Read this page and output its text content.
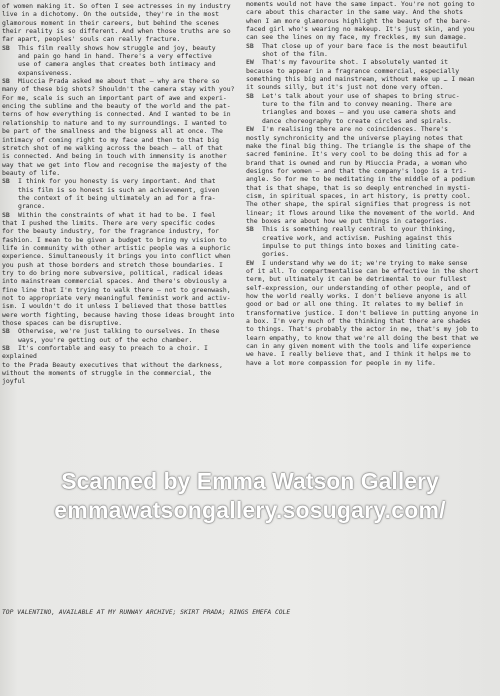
of women making it. So often I see actresses in my industry
live in a dichotomy. On the outside, they're in the most
glamorous moment in their careers, but behind the scenes
their reality is so different. And when those truths are so
far apart, peoples' souls can really fracture.
SB This film really shows how struggle and joy, beauty
and pain go hand in hand. There's a very effective
use of camera angles that creates both intimacy and
expansiveness.
SB Miuccia Prada asked me about that – why are there so
many of these big shots? Shouldn't the camera stay with you?
For me, scale is such an important part of awe and experi-
encing the sublime and the beauty of the world and the pat-
terns of how everything is connected. And I wanted to be in
relationship to nature and to my surroundings. I wanted to
be part of the smallness and the bigness all at once. The
intimacy of coming right to my face and then to that big
stretch shot of me walking across the beach – all of that
is connected. And being in touch with immensity is another
way that we get into flow and recognise the majesty of the
beauty of life.
SB I think for you honesty is very important. And that
this film is so honest is such an achievement, given
the context of it being ultimately an ad for a fra-
grance.
SB Within the constraints of what it had to be. I feel
that I pushed the limits. There are very specific codes
for the beauty industry, for the fragrance industry, for
fashion. I mean to be given a budget to bring my vision to
life in community with other artistic people was a euphoric
experience. Simultaneously it brings you into conflict when
you push at those borders and stretch those boundaries. I
try to do bring more subversive, political, radical ideas
into mainstream commercial spaces. And there's obviously a
fine line that I'm trying to walk there – not to greenwash,
not to appropriate very meaningful feminist work and activ-
ism. I wouldn't do it unless I believed that those battles
were worth fighting, because having those ideas brought into
those spaces can be disruptive.
SB Otherwise, we're just talking to ourselves. In these
ways, you're getting out of the echo chamber.
SB It's comfortable and easy to preach to a choir. I explained
to the Prada Beauty executives that without the darkness,
without the moments of struggle in the commercial, the joyful
moments would not have the same impact. You're not going to
care about this character in the same way. And the shots
when I am more glamorous highlight the beauty of the bare-
faced girl who's wearing no makeup. It's just skin, and you
can see the lines on my face, my freckles, my sun damage.
SB That close up of your bare face is the most beautiful
shot of the film.
EW That's my favourite shot. I absolutely wanted it
because to appear in a fragrance commercial, especially
something this big and mainstream, without make up … I mean
it sounds silly, but it's just not done very often.
SB Let's talk about your use of shapes to bring struc-
ture to the film and to convey meaning. There are
triangles and boxes – and you use camera shots and
dance choreography to create circles and spirals.
EW I'm realising there are no coincidences. There's
mostly synchronicity and the universe playing notes that
make the final big thing. The triangle is the shape of the
sacred feminine. It's very cool to be doing this ad for a
brand that is owned and run by Miuccia Prada, a woman who
designs for women – and that the company's logo is a tri-
angle. So for me to be meditating in the middle of a podium
that is that shape, that is so deeply entrenched in mysti-
cism, in spiritual spaces, in art history, is pretty cool.
The other shape, the spiral signifies that progress is not
linear; it flows around like the movement of the world. And
the boxes are about how we put things in categories.
SB This is something really central to your thinking,
creative work, and activism. Pushing against this
impulse to put things into boxes and limiting cate-
gories.
EW I understand why we do it; we're trying to make sense
of it all. To compartmentalise can be effective in the short
term, but ultimately it can be detrimental to our fullest
self-expression, our understanding of other people, and of
how the world really works. I don't believe anyone is all
good or bad or all one thing. It relates to my belief in
transformative justice. I don't believe in putting anyone in
a box. I'm very much of the thinking that there are shades
to things. That's probably the actor in me, that's my job to
learn empathy, to know that we're all doing the best that we
can in any given moment with the tools and life experience
we have. I really believe that, and I think it helps me to
have a lot more compassion for people in my life.
Scanned by Emma Watson Gallery
emmawatsongallery.sosugary.com/
TOP VALENTINO, AVAILABLE AT MY RUNWAY ARCHIVE; SKIRT PRADA; RINGS EMEFA COLE
